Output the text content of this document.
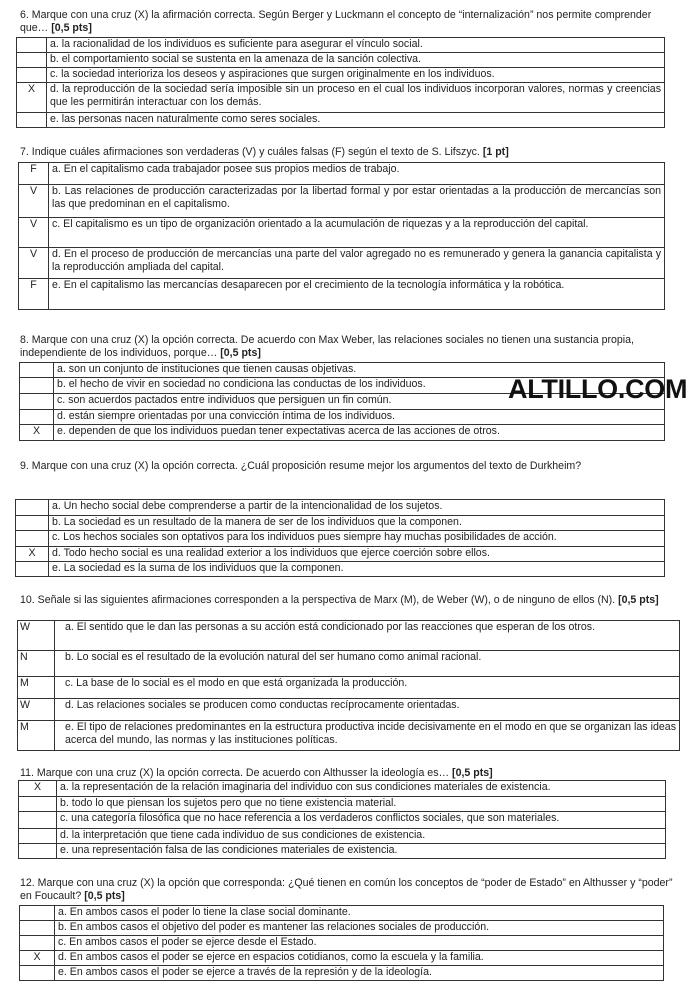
6. Marque con una cruz (X) la afirmación correcta. Según Berger y Luckmann el concepto de “internalización” nos permite comprender que… [0,5 pts]
	a. la racionalidad de los individuos es suficiente para asegurar el vínculo social.
	b. el comportamiento social se sustenta en la amenaza de la sanción colectiva.
	c. la sociedad interioriza los deseos y aspiraciones que surgen originalmente en los individuos.
X	d. la reproducción de la sociedad sería imposible sin un proceso en el cual los individuos incorporan valores, normas y creencias que les permitirán interactuar con los demás.
	e. las personas nacen naturalmente como seres sociales.
7. Indique cuáles afirmaciones son verdaderas (V) y cuáles falsas (F) según el texto de S. Lifszyc. [1 pt]
F	a. En el capitalismo cada trabajador posee sus propios medios de trabajo.
V	b. Las relaciones de producción caracterizadas por la libertad formal y por estar orientadas a la producción de mercancías son las que predominan en el capitalismo.
V	c. El capitalismo es un tipo de organización orientado a la acumulación de riquezas y a la reproducción del capital.
V	d. En el proceso de producción de mercancías una parte del valor agregado no es remunerado y genera la ganancia capitalista y la reproducción ampliada del capital.
F	e. En el capitalismo las mercancías desaparecen por el crecimiento de la tecnología informática y la robótica.
8. Marque con una cruz (X) la opción correcta. De acuerdo con Max Weber, las relaciones sociales no tienen una sustancia propia, independiente de los individuos, porque… [0,5 pts]
	a. son un conjunto de instituciones que tienen causas objetivas.
	b. el hecho de vivir en sociedad no condiciona las conductas de los individuos.
	c. son acuerdos pactados entre individuos que persiguen un fin común.
	d. están siempre orientadas por una convicción íntima de los individuos.
X	e. dependen de que los individuos puedan tener expectativas acerca de las acciones de otros.
ALTILLO.COM
9. Marque con una cruz (X) la opción correcta. ¿Cuál proposición resume mejor los argumentos del texto de Durkheim?
	a. Un hecho social debe comprenderse a partir de la intencionalidad de los sujetos.
	b. La sociedad es un resultado de la manera de ser de los individuos que la componen.
	c. Los hechos sociales son optativos para los individuos pues siempre hay muchas posibilidades de acción.
X	d. Todo hecho social es una realidad exterior a los individuos que ejerce coerción sobre ellos.
	e. La sociedad es la suma de los individuos que la componen.
10. Señale si las siguientes afirmaciones corresponden a la perspectiva de Marx (M), de Weber (W), o de ninguno de ellos (N). [0,5 pts]
W	a. El sentido que le dan las personas a su acción está condicionado por las reacciones que esperan de los otros.
N	b. Lo social es el resultado de la evolución natural del ser humano como animal racional.
M	c. La base de lo social es el modo en que está organizada la producción.
W	d. Las relaciones sociales se producen como conductas recíprocamente orientadas.
M	e. El tipo de relaciones predominantes en la estructura productiva incide decisivamente en el modo en que se organizan las ideas acerca del mundo, las normas y las instituciones políticas.
11. Marque con una cruz (X) la opción correcta. De acuerdo con Althusser la ideología es… [0,5 pts]
X	a. la representación de la relación imaginaria del individuo con sus condiciones materiales de existencia.
	b. todo lo que piensan los sujetos pero que no tiene existencia material.
	c. una categoría filosófica que no hace referencia a los verdaderos conflictos sociales, que son materiales.
	d. la interpretación que tiene cada individuo de sus condiciones de existencia.
	e. una representación falsa de las condiciones materiales de existencia.
12. Marque con una cruz (X) la opción que corresponda: ¿Qué tienen en común los conceptos de “poder de Estado” en Althusser y “poder” en Foucault? [0,5 pts]
	a. En ambos casos el poder lo tiene la clase social dominante.
	b. En ambos casos el objetivo del poder es mantener las relaciones sociales de producción.
	c. En ambos casos el poder se ejerce desde el Estado.
X	d. En ambos casos el poder se ejerce en espacios cotidianos, como la escuela y la familia.
	e. En ambos casos el poder se ejerce a través de la represión y de la ideología.
